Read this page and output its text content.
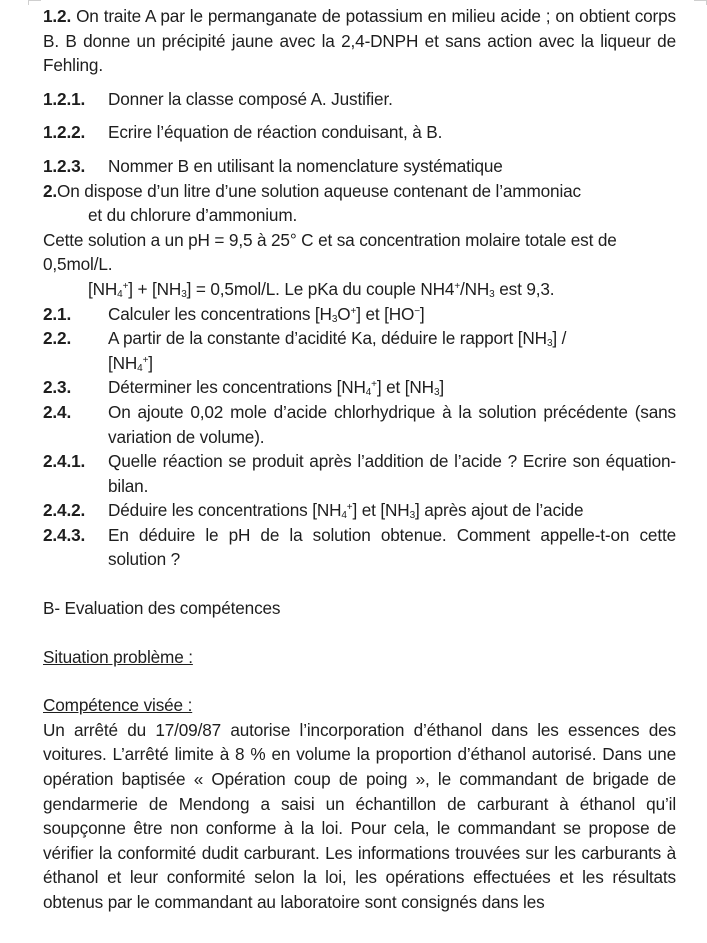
1.2. On traite A par le permanganate de potassium en milieu acide ; on obtient corps B. B donne un précipité jaune avec la 2,4-DNPH et sans action avec la liqueur de Fehling.

1.2.1.	Donner la classe composé A. Justifier.
1.2.2.	Ecrire l’équation de réaction conduisant, à B.
1.2.3.	Nommer B en utilisant la nomenclature systématique

2.On dispose d’un litre d’une solution aqueuse contenant de l’ammoniac
et du chlorure d’ammonium.

Cette solution a un pH = 9,5 à 25° C et sa concentration molaire totale est de 0,5mol/L.

$[NH_4^+] + [NH_3] = 0,5mol/L$. Le pKa du couple $NH4^+/NH_3$ est 9,3.

2.1.	Calculer les concentrations $[H_3O^+]$ et [HO−]
2.2.	A partir de la constante d’acidité Ka, déduire le rapport $[NH_3]$ /
$[NH_4^+]$
2.3.	Déterminer les concentrations $[NH_4^+]$ et $[NH_3]$
2.4.	On ajoute 0,02 mole d’acide chlorhydrique à la solution précédente (sans variation de volume).
2.4.1.	Quelle réaction se produit après l’addition de l’acide ? Ecrire son équation-bilan.
2.4.2.	Déduire les concentrations $[NH_4^+]$ et $[NH_3]$ après ajout de l’acide
2.4.3.	En déduire le pH de la solution obtenue. Comment appelle-t-on cette solution ?

B- Evaluation des compétences

Situation problème :

Compétence visée :

Un arrêté du 17/09/87 autorise l’incorporation d’éthanol dans les essences des voitures. L’arrêté limite à 8 % en volume la proportion d’éthanol autorisé. Dans une opération baptisée « Opération coup de poing », le commandant de brigade de gendarmerie de Mendong a saisi un échantillon de carburant à éthanol qu’il soupçonne être non conforme à la loi. Pour cela, le commandant se propose de vérifier la conformité dudit carburant. Les informations trouvées sur les carburants à éthanol et leur conformité selon la loi, les opérations effectuées et les résultats obtenus par le commandant au laboratoire sont consignés dans les
